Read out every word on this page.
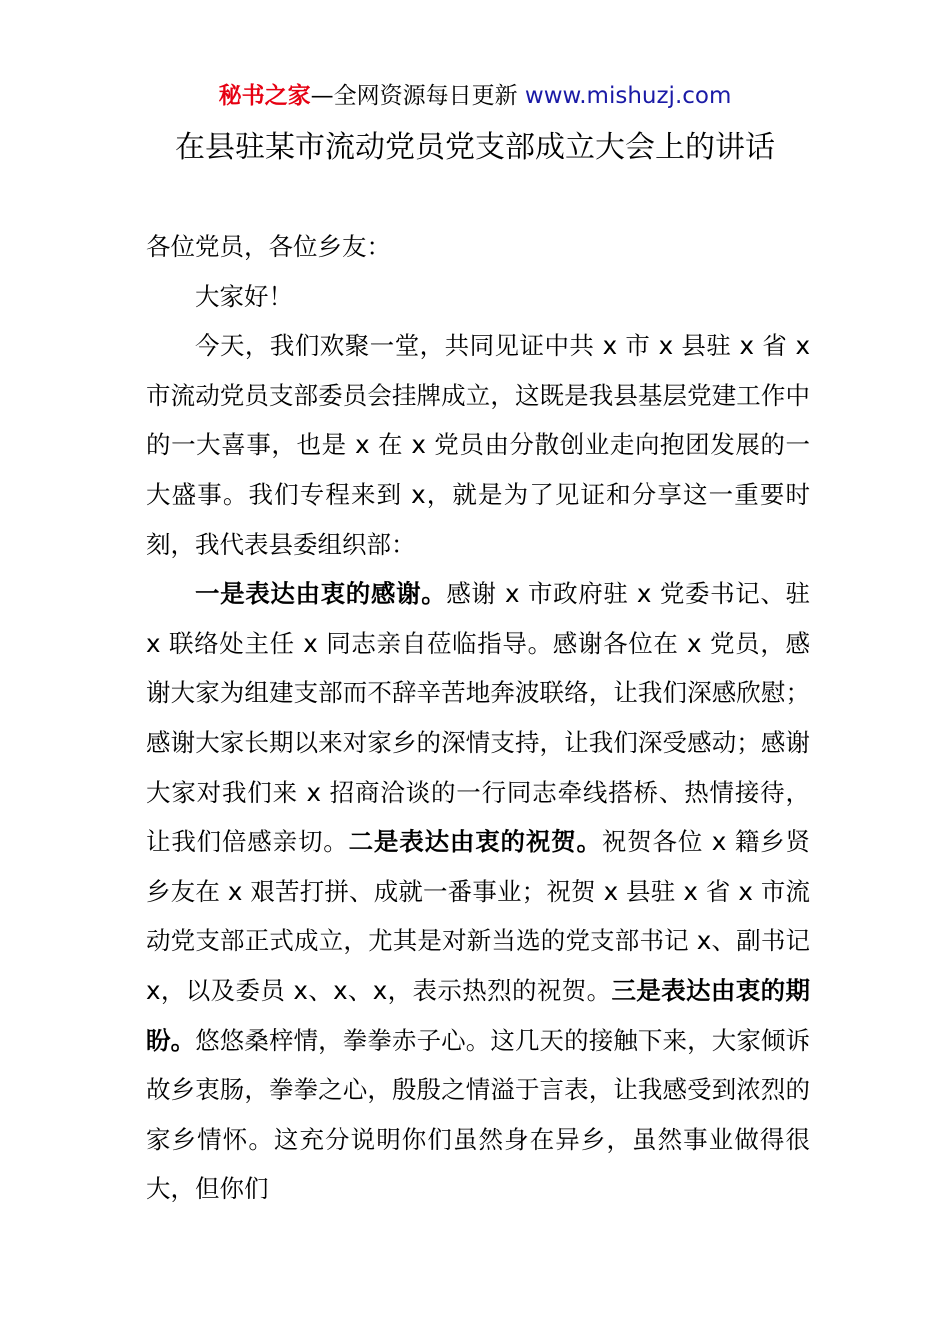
秘书之家—全网资源每日更新 www.mishuzj.com
在县驻某市流动党员党支部成立大会上的讲话

各位党员，各位乡友：

大家好！

今天，我们欢聚一堂，共同见证中共 x 市 x 县驻 x 省 x 市流动党员支部委员会挂牌成立，这既是我县基层党建工作中的一大喜事，也是 x 在 x 党员由分散创业走向抱团发展的一大盛事。我们专程来到 x，就是为了见证和分享这一重要时刻，我代表县委组织部：

一是表达由衷的感谢。感谢 x 市政府驻 x 党委书记、驻 x 联络处主任 x 同志亲自莅临指导。感谢各位在 x 党员，感谢大家为组建支部而不辞辛苦地奔波联络，让我们深感欣慰；感谢大家长期以来对家乡的深情支持，让我们深受感动；感谢大家对我们来 x 招商洽谈的一行同志牵线搭桥、热情接待，让我们倍感亲切。二是表达由衷的祝贺。祝贺各位 x 籍乡贤乡友在 x 艰苦打拼、成就一番事业；祝贺 x 县驻 x 省 x 市流动党支部正式成立，尤其是对新当选的党支部书记 x、副书记 x，以及委员 x、x、x，表示热烈的祝贺。三是表达由衷的期盼。悠悠桑梓情，拳拳赤子心。这几天的接触下来，大家倾诉故乡衷肠，拳拳之心，殷殷之情溢于言表，让我感受到浓烈的家乡情怀。这充分说明你们虽然身在异乡，虽然事业做得很大，但你们
